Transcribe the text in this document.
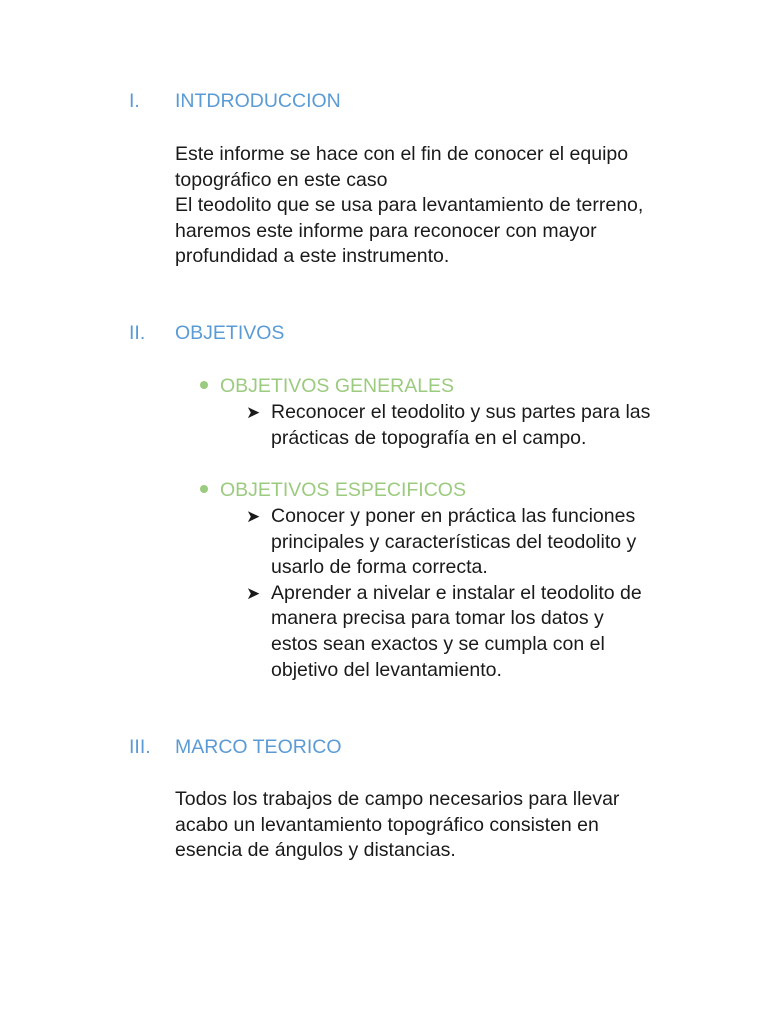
I. INTDRODUCCION
Este informe se hace con el fin de conocer el equipo
topográfico en este caso
El teodolito que se usa para levantamiento de terreno,
haremos este informe para reconocer con mayor
profundidad a este instrumento.
II. OBJETIVOS
OBJETIVOS GENERALES
➤ Reconocer el teodolito y sus partes para las
prácticas de topografía en el campo.
OBJETIVOS ESPECIFICOS
➤ Conocer y poner en práctica las funciones
principales y características del teodolito y
usarlo de forma correcta.
➤ Aprender a nivelar e instalar el teodolito de
manera precisa para tomar los datos y
estos sean exactos y se cumpla con el
objetivo del levantamiento.
III. MARCO TEORICO
Todos los trabajos de campo necesarios para llevar
acabo un levantamiento topográfico consisten en
esencia de ángulos y distancias.
